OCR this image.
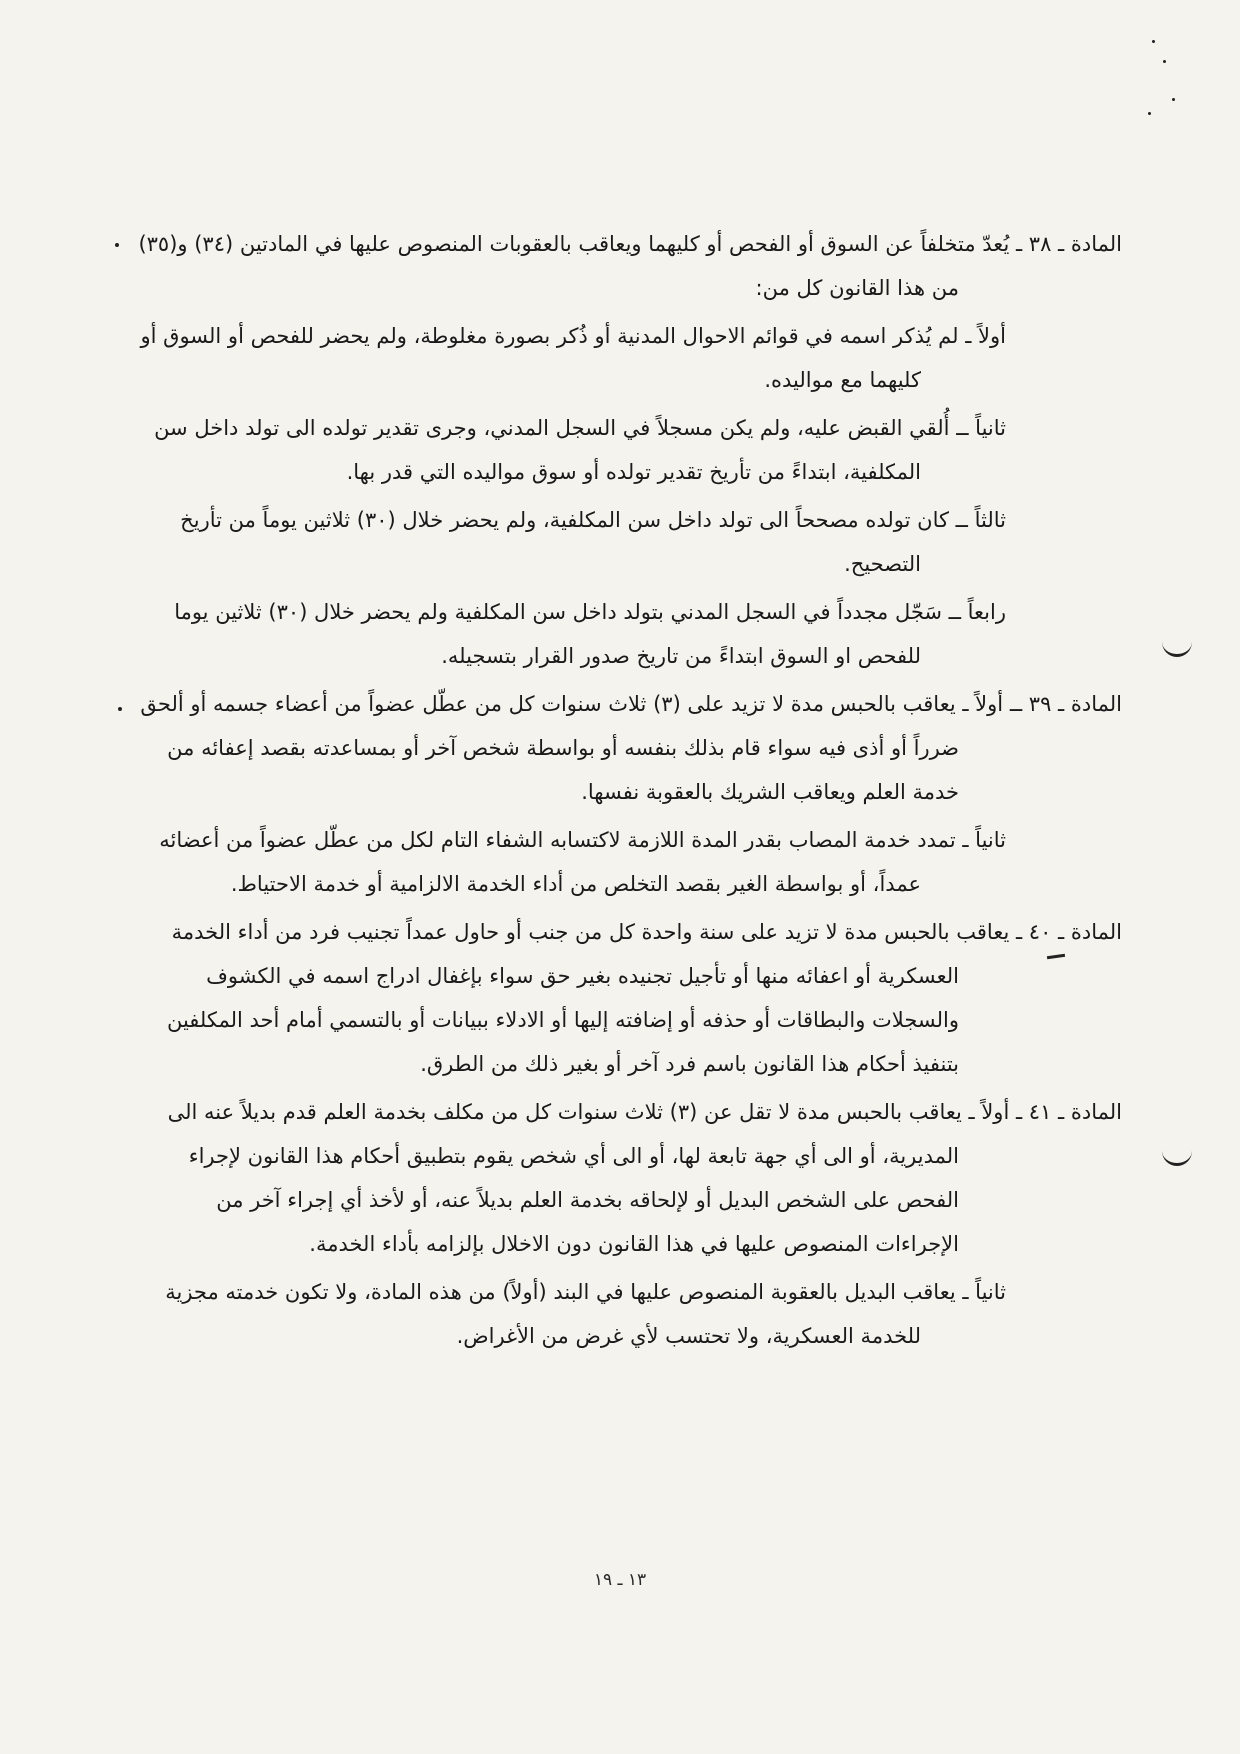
المادة ـ ٣٨ ـ يُعدّ متخلفاً عن السوق أو الفحص أو كليهما ويعاقب بالعقوبات المنصوص عليها في المادتين (٣٤) و(٣٥) من هذا القانون كل من:

أولاً ـ لم يُذكر اسمه في قوائم الاحوال المدنية أو ذُكر بصورة مغلوطة، ولم يحضر للفحص أو السوق أو كليهما مع مواليده.

ثانياً ــ أُلقي القبض عليه، ولم يكن مسجلاً في السجل المدني، وجرى تقدير تولده الى تولد داخل سن المكلفية، ابتداءً من تأريخ تقدير تولده أو سوق مواليده التي قدر بها.

ثالثاً ــ كان تولده مصححاً الى تولد داخل سن المكلفية، ولم يحضر خلال (٣٠) ثلاثين يوماً من تأريخ التصحيح.

رابعاً ــ سَجّل مجدداً في السجل المدني بتولد داخل سن المكلفية ولم يحضر خلال (٣٠) ثلاثين يوما للفحص او السوق ابتداءً من تاريخ صدور القرار بتسجيله.

المادة ـ ٣٩ ــ أولاً ـ يعاقب بالحبس مدة لا تزيد على (٣) ثلاث سنوات كل من عطّل عضواً من أعضاء جسمه أو ألحق ضرراً أو أذى فيه سواء قام بذلك بنفسه أو بواسطة شخص آخر أو بمساعدته بقصد إعفائه من خدمة العلم ويعاقب الشريك بالعقوبة نفسها.

ثانياً ـ تمدد خدمة المصاب بقدر المدة اللازمة لاكتسابه الشفاء التام لكل من عطّل عضواً من أعضائه عمداً، أو بواسطة الغير بقصد التخلص من أداء الخدمة الالزامية أو خدمة الاحتياط.

المادة ـ ٤٠ ـ يعاقب بالحبس مدة لا تزيد على سنة واحدة كل من جنب أو حاول عمداً تجنيب فرد من أداء الخدمة العسكرية أو اعفائه منها أو تأجيل تجنيده بغير حق سواء بإغفال ادراج اسمه في الكشوف والسجلات والبطاقات أو حذفه أو إضافته إليها أو الادلاء ببيانات أو بالتسمي أمام أحد المكلفين بتنفيذ أحكام هذا القانون باسم فرد آخر أو بغير ذلك من الطرق.

المادة ـ ٤١ ـ أولاً ـ يعاقب بالحبس مدة لا تقل عن (٣) ثلاث سنوات كل من مكلف بخدمة العلم قدم بديلاً عنه الى المديرية، أو الى أي جهة تابعة لها، أو الى أي شخص يقوم بتطبيق أحكام هذا القانون لإجراء الفحص على الشخص البديل أو لإلحاقه بخدمة العلم بديلاً عنه، أو لأخذ أي إجراء آخر من الإجراءات المنصوص عليها في هذا القانون دون الاخلال بإلزامه بأداء الخدمة.

ثانياً ـ يعاقب البديل بالعقوبة المنصوص عليها في البند (أولاً) من هذه المادة، ولا تكون خدمته مجزية للخدمة العسكرية، ولا تحتسب لأي غرض من الأغراض.

١٣ ـ ١٩
